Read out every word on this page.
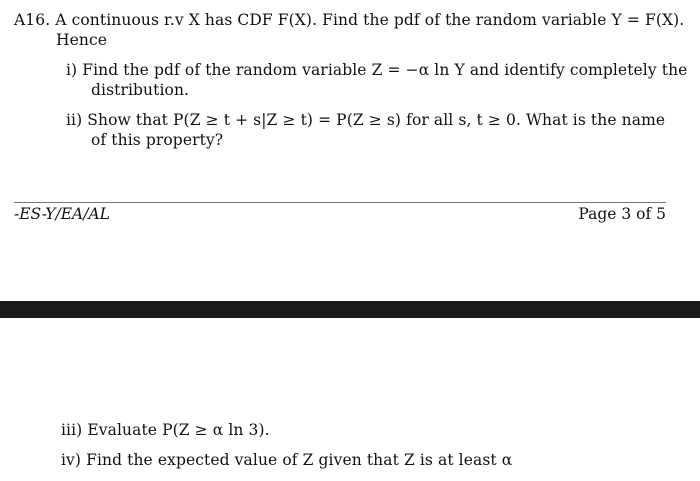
A16. A continuous r.v X has CDF F(X). Find the pdf of the random variable Y = F(X).
Hence
i) Find the pdf of the random variable Z = −α ln Y and identify completely the
distribution.
ii) Show that P(Z ≥ t + s|Z ≥ t) = P(Z ≥ s) for all s, t ≥ 0. What is the name
of this property?
-ES-Y/EA/AL	Page 3 of 5
iii) Evaluate P(Z ≥ α ln 3).
iv) Find the expected value of Z given that Z is at least α
